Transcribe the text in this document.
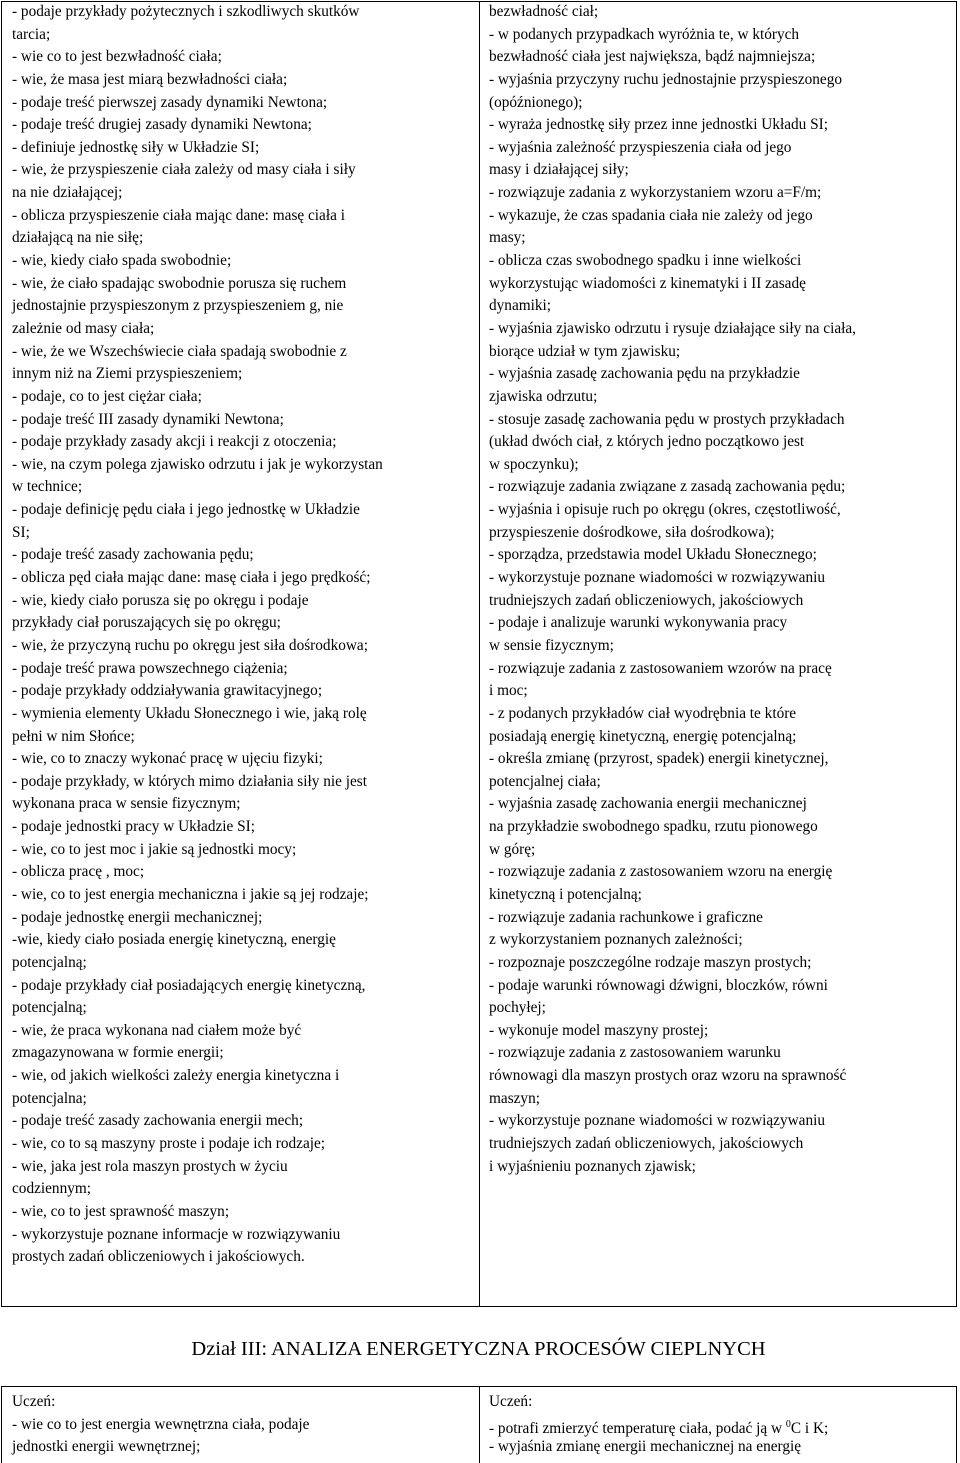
- podaje przykłady pożytecznych i szkodliwych skutków
tarcia;
- wie co to jest bezwładność ciała;
- wie, że masa jest miarą bezwładności ciała;
- podaje treść pierwszej zasady dynamiki Newtona;
- podaje treść drugiej zasady dynamiki Newtona;
- definiuje jednostkę siły w Układzie SI;
- wie, że przyspieszenie ciała zależy od masy ciała i siły
na nie działającej;
- oblicza przyspieszenie ciała mając dane: masę ciała i
działającą na nie siłę;
- wie, kiedy ciało spada swobodnie;
- wie, że ciało spadając swobodnie porusza się ruchem
jednostajnie przyspieszonym z przyspieszeniem g, nie
zależnie od masy ciała;
- wie, że we Wszechświecie ciała spadają swobodnie z
innym niż na Ziemi przyspieszeniem;
- podaje, co to jest ciężar ciała;
- podaje treść III zasady dynamiki Newtona;
- podaje przykłady zasady akcji i reakcji z otoczenia;
- wie, na czym polega zjawisko odrzutu i jak je wykorzystan
w technice;
- podaje definicję pędu ciała i jego jednostkę w Układzie
SI;
- podaje treść zasady zachowania pędu;
- oblicza pęd ciała mając dane: masę ciała i jego prędkość;
- wie, kiedy ciało porusza się po okręgu i podaje
przykłady ciał poruszających się po okręgu;
- wie, że przyczyną ruchu po okręgu jest siła dośrodkowa;
- podaje treść prawa powszechnego ciążenia;
- podaje przykłady oddziaływania grawitacyjnego;
- wymienia elementy Układu Słonecznego i wie, jaką rolę
pełni w nim Słońce;
- wie, co to znaczy wykonać pracę w ujęciu fizyki;
- podaje przykłady, w których mimo działania siły nie jest
wykonana praca w sensie fizycznym;
- podaje jednostki pracy w Układzie SI;
- wie, co to jest moc i jakie są jednostki mocy;
- oblicza pracę , moc;
- wie, co to jest energia mechaniczna i jakie są jej rodzaje;
- podaje jednostkę energii mechanicznej;
-wie, kiedy ciało posiada energię kinetyczną, energię
potencjalną;
- podaje przykłady ciał posiadających energię kinetyczną,
potencjalną;
- wie, że praca wykonana nad ciałem może być
zmagazynowana w formie energii;
- wie, od jakich wielkości zależy energia kinetyczna i
potencjalna;
- podaje treść zasady zachowania energii mech;
- wie, co to są maszyny proste i podaje ich rodzaje;
- wie, jaka jest rola maszyn prostych w życiu
codziennym;
- wie, co to jest sprawność maszyn;
- wykorzystuje poznane informacje w rozwiązywaniu
prostych zadań obliczeniowych i jakościowych.
bezwładność ciał;
- w podanych przypadkach wyróżnia te, w których
bezwładność ciała jest największa, bądź najmniejsza;
- wyjaśnia przyczyny ruchu jednostajnie przyspieszonego
(opóźnionego);
- wyraża jednostkę siły przez inne jednostki Układu SI;
- wyjaśnia zależność przyspieszenia ciała od jego
masy i działającej siły;
- rozwiązuje zadania z wykorzystaniem wzoru a=F/m;
- wykazuje, że czas spadania ciała nie zależy od jego
masy;
- oblicza czas swobodnego spadku i inne wielkości
wykorzystując wiadomości z kinematyki i II zasadę
dynamiki;
- wyjaśnia zjawisko odrzutu i rysuje działające siły na ciała,
biorące udział w tym zjawisku;
- wyjaśnia zasadę zachowania pędu na przykładzie
zjawiska odrzutu;
- stosuje zasadę zachowania pędu w prostych przykładach
(układ dwóch ciał, z których jedno początkowo jest
w spoczynku);
- rozwiązuje zadania związane z zasadą zachowania pędu;
- wyjaśnia i opisuje ruch po okręgu (okres, częstotliwość,
przyspieszenie dośrodkowe, siła dośrodkowa);
- sporządza, przedstawia model Układu Słonecznego;
- wykorzystuje poznane wiadomości w rozwiązywaniu
trudniejszych zadań obliczeniowych, jakościowych
- podaje i analizuje warunki wykonywania pracy
w sensie fizycznym;
- rozwiązuje zadania z zastosowaniem wzorów na pracę
i moc;
- z podanych przykładów ciał wyodrębnia te które
posiadają energię kinetyczną, energię potencjalną;
- określa zmianę (przyrost, spadek) energii kinetycznej,
potencjalnej ciała;
- wyjaśnia zasadę zachowania energii mechanicznej
na przykładzie swobodnego spadku, rzutu pionowego
w górę;
- rozwiązuje zadania z zastosowaniem wzoru na energię
kinetyczną i potencjalną;
- rozwiązuje zadania rachunkowe i graficzne
z wykorzystaniem poznanych zależności;
- rozpoznaje poszczególne rodzaje maszyn prostych;
- podaje warunki równowagi dźwigni, bloczków, równi
pochyłej;
- wykonuje model maszyny prostej;
- rozwiązuje zadania z zastosowaniem warunku
równowagi dla maszyn prostych oraz wzoru na sprawność
maszyn;
- wykorzystuje poznane wiadomości w rozwiązywaniu
trudniejszych zadań obliczeniowych, jakościowych
i wyjaśnieniu poznanych zjawisk;
Dział III: ANALIZA ENERGETYCZNA PROCESÓW CIEPLNYCH
Uczeń:
- wie co to jest energia wewnętrzna ciała, podaje
jednostki energii wewnętrznej;
Uczeń:
- potrafi zmierzyć temperaturę ciała, podać ją w $^0$C i K;
- wyjaśnia zmianę energii mechanicznej na energię
